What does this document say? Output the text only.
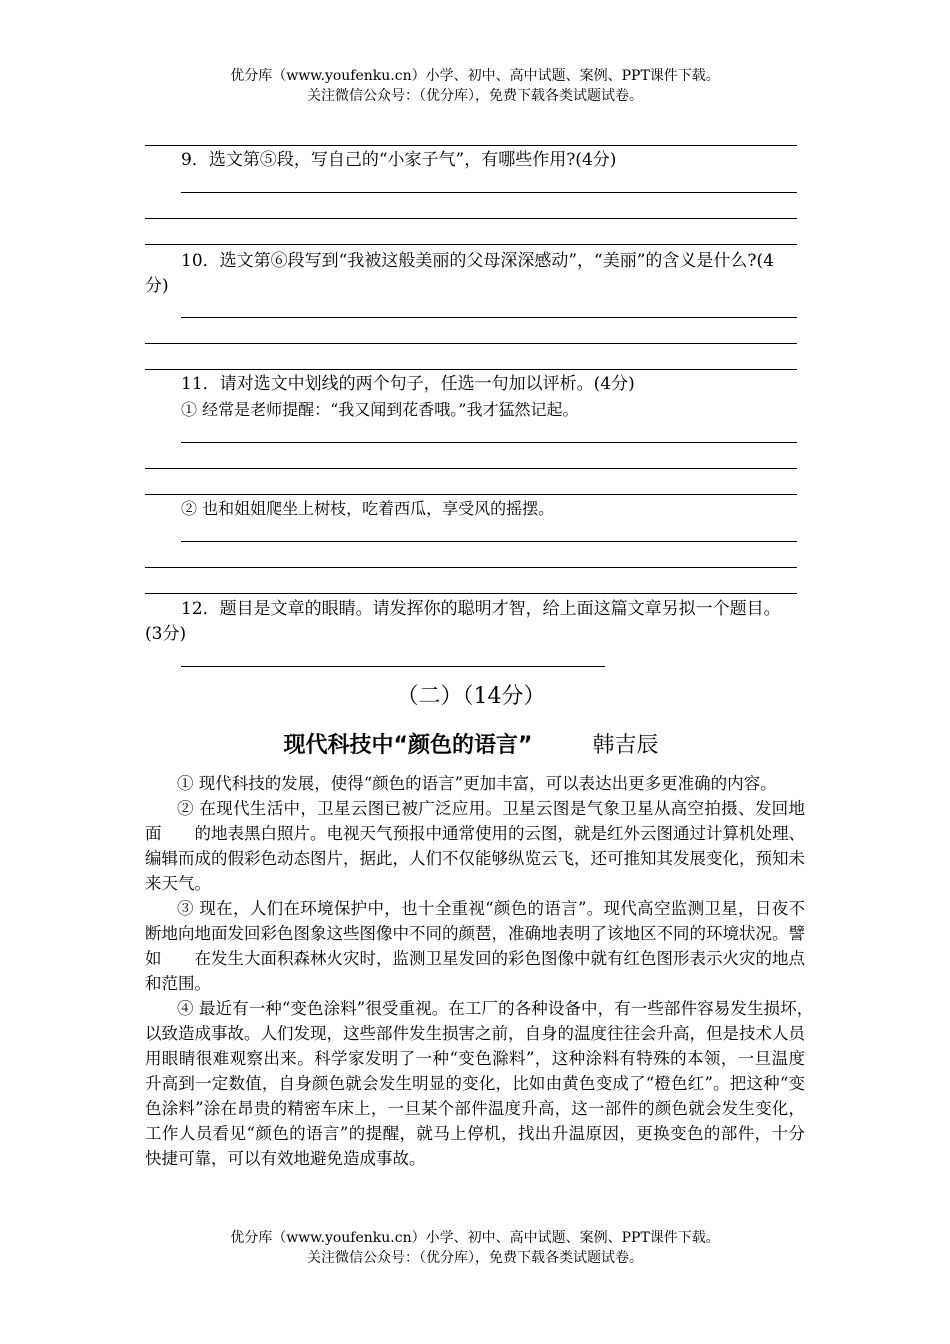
优分库（www.youfenku.cn）小学、初中、高中试题、案例、PPT课件下载。
关注微信公众号：（优分库），免费下载各类试题试卷。
9．选文第⑤段，写自己的“小家子气”，有哪些作用?(4分)
10．选文第⑥段写到“我被这般美丽的父母深深感动”，“美丽”的含义是什么?(4分)
11．请对选文中划线的两个句子，任选一句加以评析。(4分)
① 经常是老师提醒：“我又闻到花香哦。”我才猛然记起。
② 也和姐姐爬坐上树枝，吃着西瓜，享受风的摇摆。
12．题目是文章的眼睛。请发挥你的聪明才智，给上面这篇文章另拟一个题目。(3分)
（二）（14分）
现代科技中“颜色的语言”	韩吉辰

① 现代科技的发展，使得“颜色的语言”更加丰富，可以表达出更多更准确的内容。

② 在现代生活中，卫星云图已被广泛应用。卫星云图是气象卫星从高空拍摄、发回地面　　的地表黑白照片。电视天气预报中通常使用的云图，就是红外云图通过计算机处理、编辑而成的假彩色动态图片，据此，人们不仅能够纵览云飞，还可推知其发展变化，预知未来天气。

③ 现在，人们在环境保护中，也十全重视“颜色的语言”。现代高空监测卫星，日夜不断地向地面发回彩色图象这些图像中不同的颜琶，准确地表明了该地区不同的环境状况。譬如　　在发生大面积森林火灾时，监测卫星发回的彩色图像中就有红色图形表示火灾的地点和范围。

④ 最近有一种“变色涂料”很受重视。在工厂的各种设备中，有一些部件容易发生损坏，　　以致造成事故。人们发现，这些部件发生损害之前，自身的温度往往会升高，但是技术人员用眼睛很难观察出来。科学家发明了一种“变色滁料”，这种涂料有特殊的本领，一旦温度升高到一定数值，自身颜色就会发生明显的变化，比如由黄色变成了“橙色红”。把这种“变色涂料”涂在昂贵的精密车床上，一旦某个部件温度升高，这一部件的颜色就会发生变化，工作人员看见“颜色的语言”的提醒，就马上停机，找出升温原因，更换变色的部件，十分快捷可靠，可以有效地避免造成事故。

优分库（www.youfenku.cn）小学、初中、高中试题、案例、PPT课件下载。
关注微信公众号：（优分库），免费下载各类试题试卷。
